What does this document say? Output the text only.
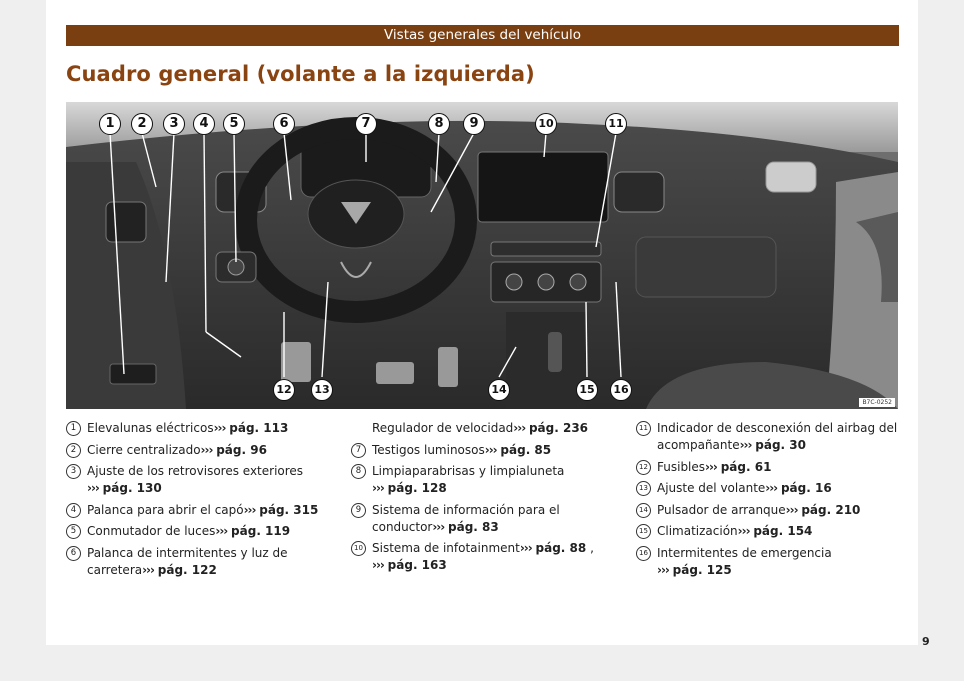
Vistas generales del vehículo
Cuadro general (volante a la izquierda)
1	2	3	4	5	6	7	8	9	10	11
12	13	14	15	16
B7C-0252
1 Elevalunas eléctricos››› pág. 113
2 Cierre centralizado››› pág. 96
3 Ajuste de los retrovisores exteriores
››› pág. 130
4 Palanca para abrir el capó››› pág. 315
5 Conmutador de luces››› pág. 119
6 Palanca de intermitentes y luz de carretera››› pág. 122
Regulador de velocidad››› pág. 236
7 Testigos luminosos››› pág. 85
8 Limpiaparabrisas y limpialuneta
››› pág. 128
9 Sistema de información para el conductor››› pág. 83
10 Sistema de infotainment››› pág. 88 ,
››› pág. 163
11 Indicador de desconexión del airbag del acompañante››› pág. 30
12 Fusibles››› pág. 61
13 Ajuste del volante››› pág. 16
14 Pulsador de arranque››› pág. 210
15 Climatización››› pág. 154
16 Intermitentes de emergencia
››› pág. 125
9
